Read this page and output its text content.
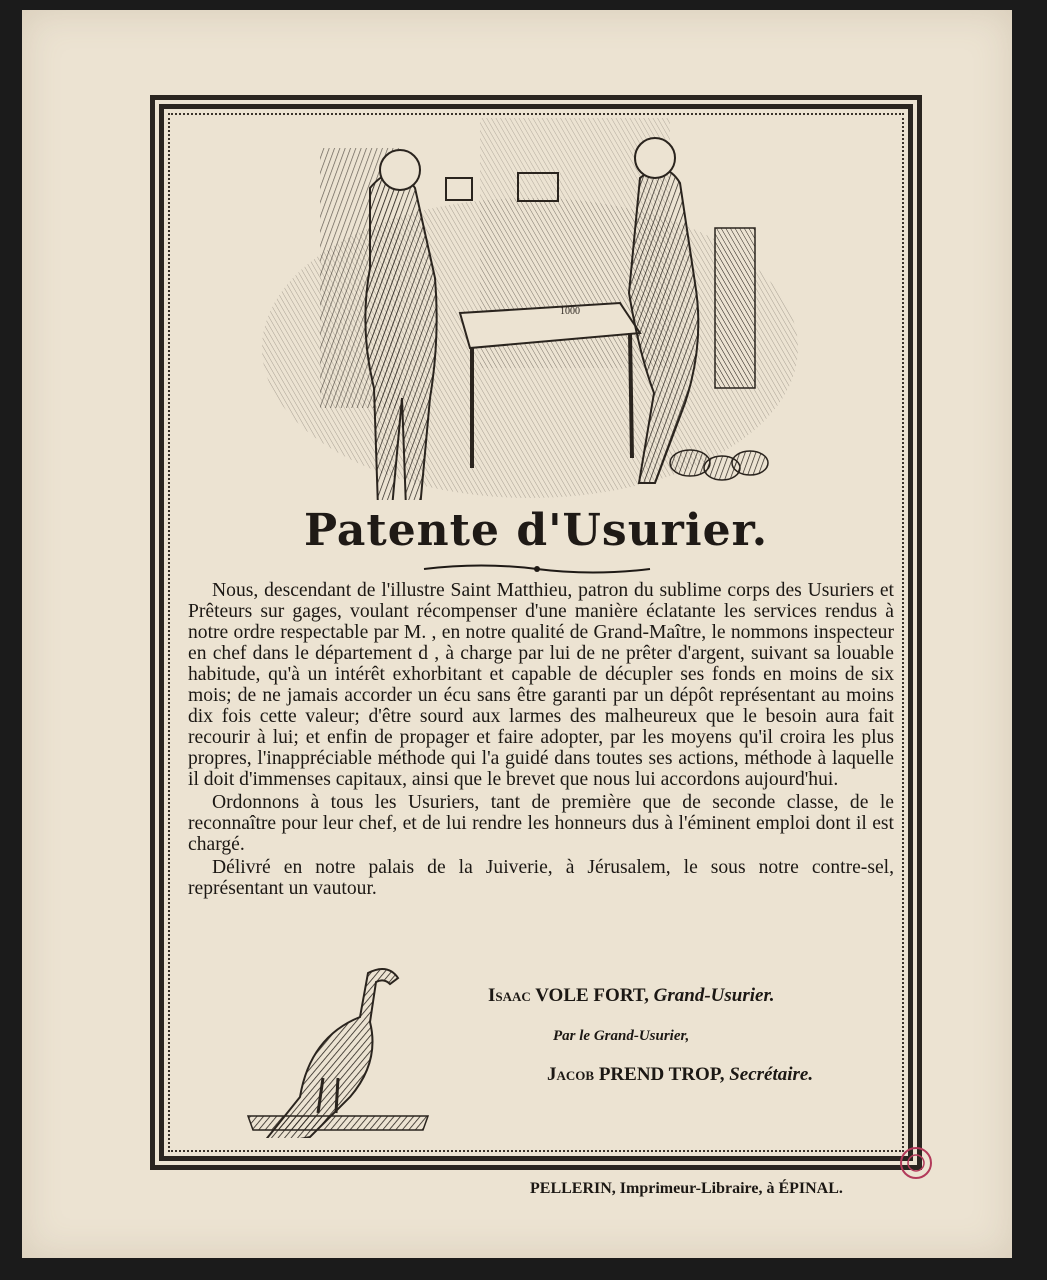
1000
Patente d'Usurier.

Nous, descendant de l'illustre Saint Matthieu, patron du sublime corps des Usuriers et Prêteurs sur gages, voulant récompenser d'une manière éclatante les services rendus à notre ordre respectable par M. , en notre qualité de Grand-Maître, le nommons inspecteur en chef dans le département d , à charge par lui de ne prêter d'argent, suivant sa louable habitude, qu'à un intérêt exhorbitant et capable de décupler ses fonds en moins de six mois; de ne jamais accorder un écu sans être garanti par un dépôt représentant au moins dix fois cette valeur; d'être sourd aux larmes des malheureux que le besoin aura fait recourir à lui; et enfin de propager et faire adopter, par les moyens qu'il croira les plus propres, l'inappréciable méthode qui l'a guidé dans toutes ses actions, méthode à laquelle il doit d'immenses capitaux, ainsi que le brevet que nous lui accordons aujourd'hui.

Ordonnons à tous les Usuriers, tant de première que de seconde classe, de le reconnaître pour leur chef, et de lui rendre les honneurs dus à l'éminent emploi dont il est chargé.

Délivré en notre palais de la Juiverie, à Jérusalem, le sous notre contre-sel, représentant un vautour.

Isaac VOLE FORT, Grand-Usurier.
Par le Grand-Usurier,
Jacob PREND TROP, Secrétaire.
PELLERIN, Imprimeur-Libraire, à ÉPINAL.
